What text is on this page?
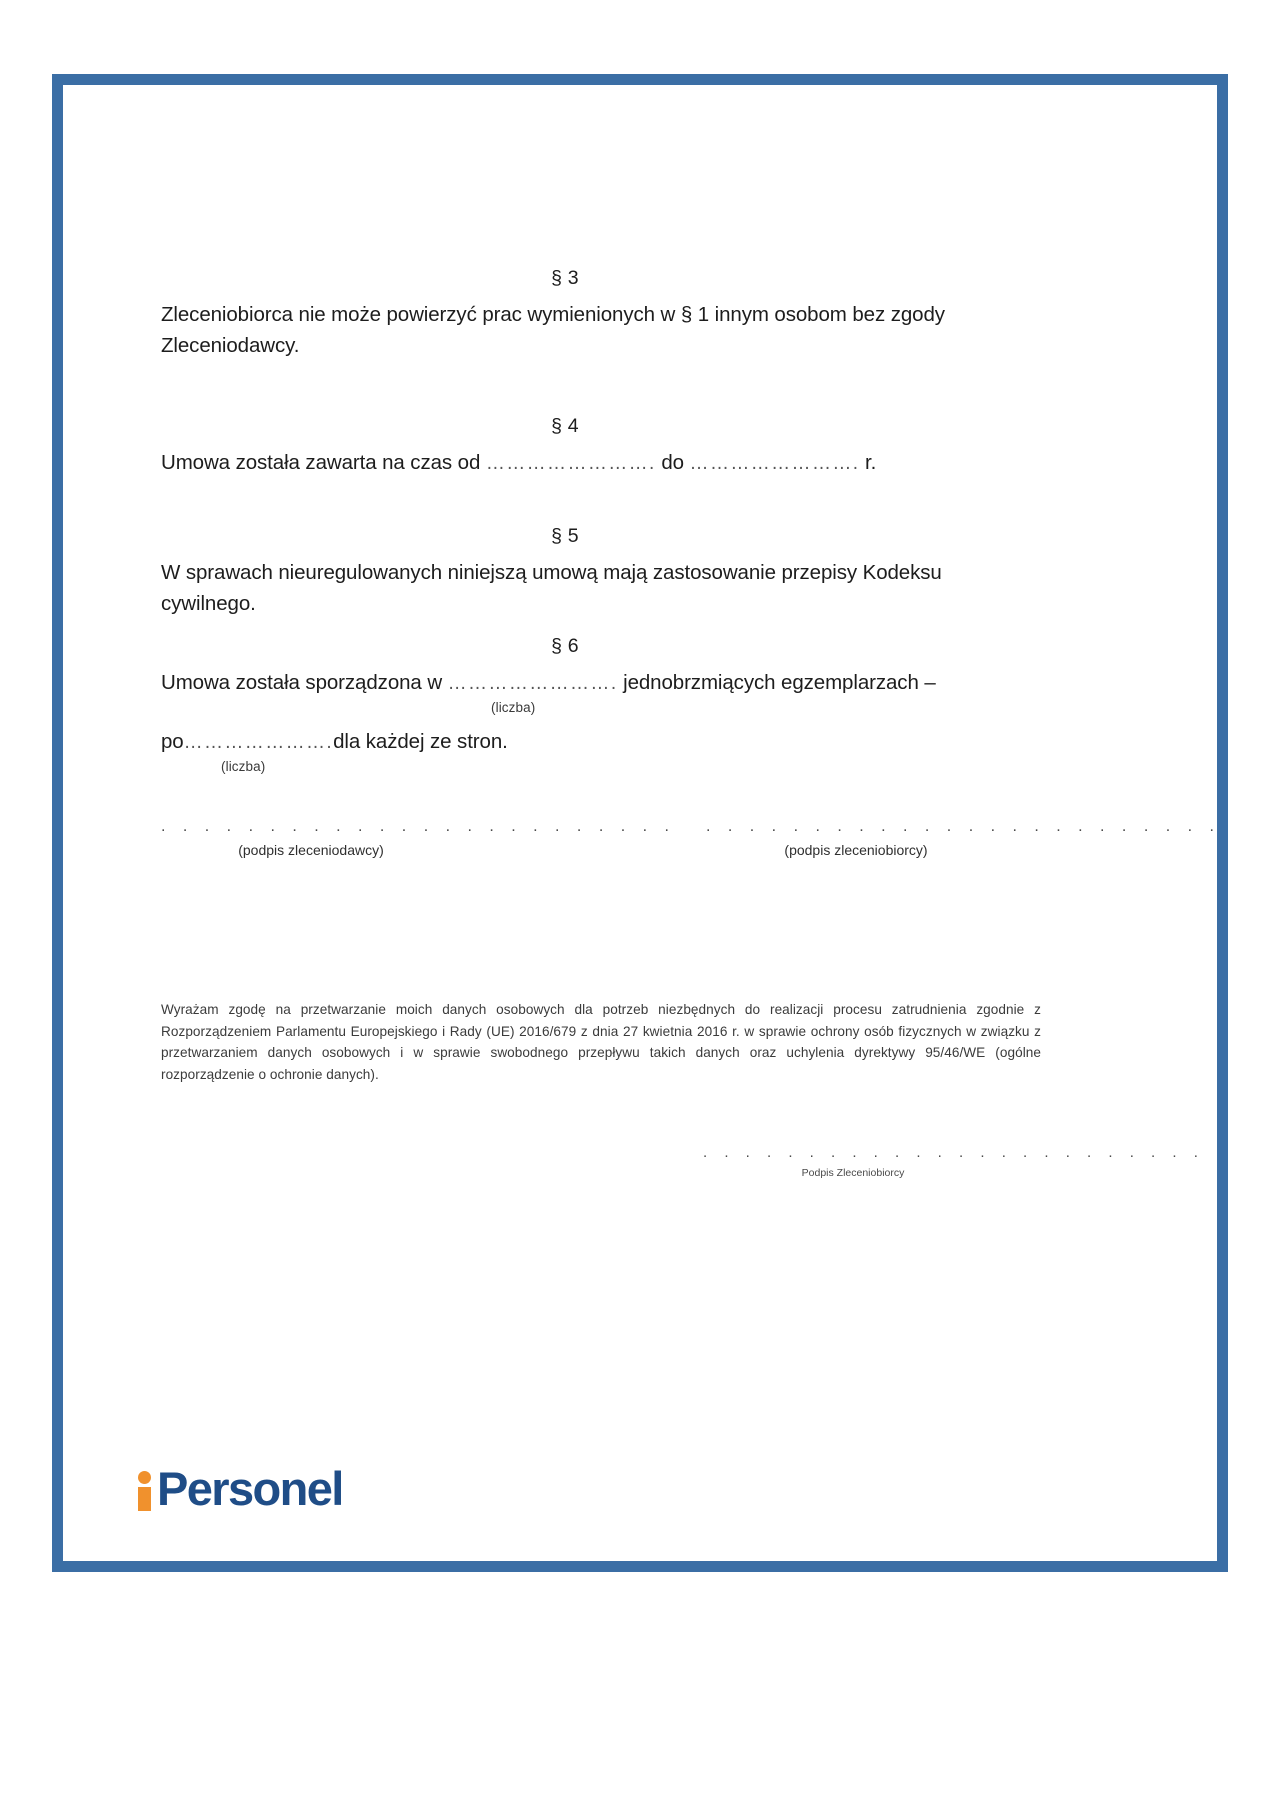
§ 3

Zleceniobiorca nie może powierzyć prac wymienionych w § 1 innym osobom bez zgody

Zleceniodawcy.

§ 4

Umowa została zawarta na czas od ……………………. do ……………………. r.

§ 5

W sprawach nieuregulowanych niniejszą umową mają zastosowanie przepisy Kodeksu

cywilnego.

§ 6

Umowa została sporządzona w ……………………. jednobrzmiących egzemplarzach –

(liczba)

po………………….dla każdej ze stron.

(liczba)
. . . . . . . . . . . . . . . . . . . . . . . .
(podpis zleceniodawcy)
. . . . . . . . . . . . . . . . . . . . . . . .
(podpis zleceniobiorcy)
Wyrażam zgodę na przetwarzanie moich danych osobowych dla potrzeb niezbędnych do realizacji procesu zatrudnienia zgodnie z Rozporządzeniem Parlamentu Europejskiego i Rady (UE) 2016/679 z dnia 27 kwietnia 2016 r. w sprawie ochrony osób fizycznych w związku z przetwarzaniem danych osobowych i w sprawie swobodnego przepływu takich danych oraz uchylenia dyrektywy 95/46/WE (ogólne rozporządzenie o ochronie danych).
. . . . . . . . . . . . . . . . . . . . . . . .
Podpis Zleceniobiorcy
Personel
